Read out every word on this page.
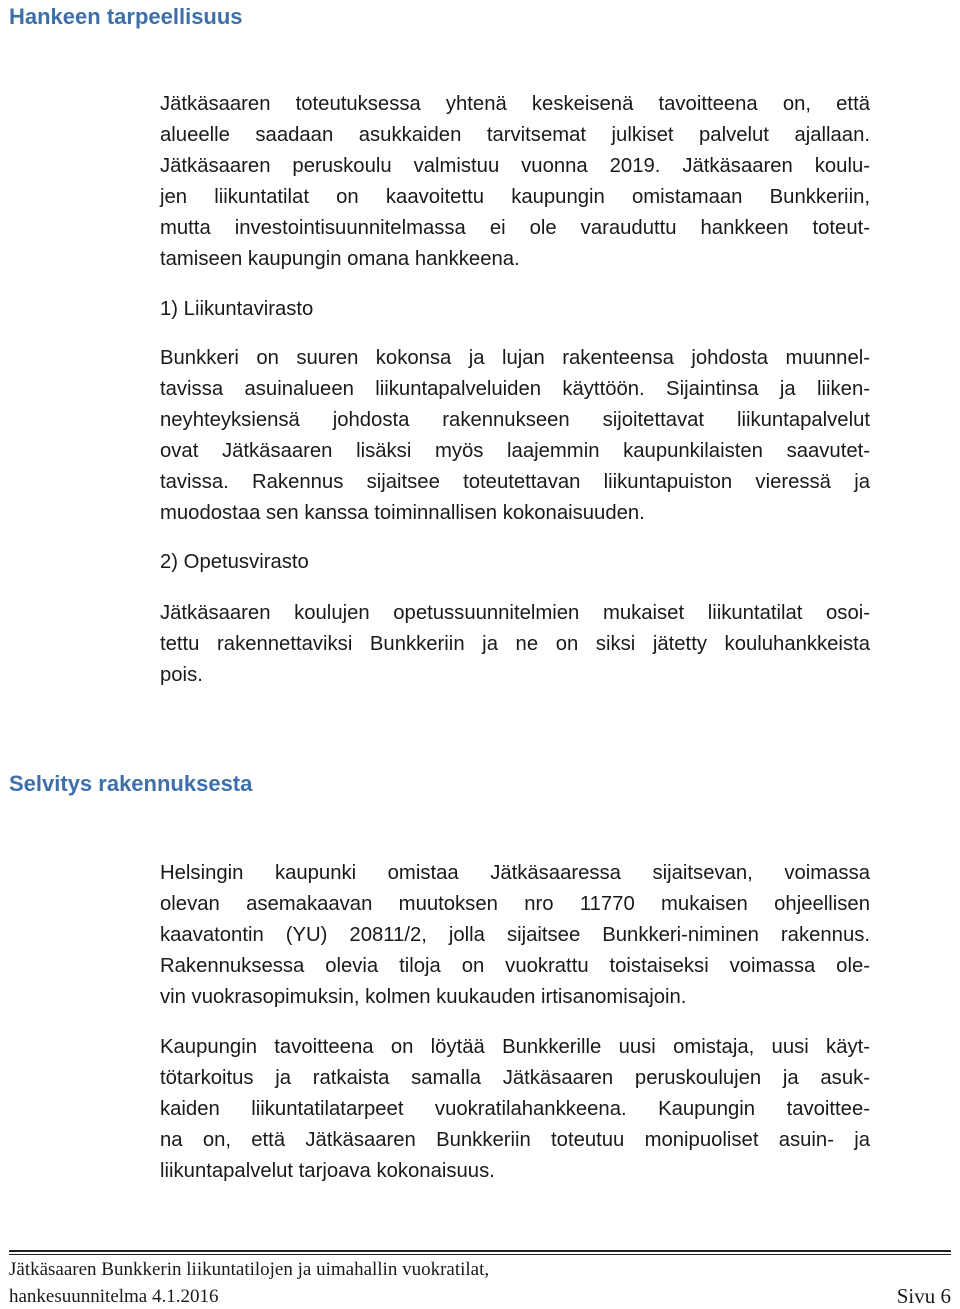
Hankeen tarpeellisuus
Jätkäsaaren toteutuksessa yhtenä keskeisenä tavoitteena on, että
alueelle saadaan asukkaiden tarvitsemat julkiset palvelut ajallaan.
Jätkäsaaren peruskoulu valmistuu vuonna 2019. Jätkäsaaren koulu-
jen liikuntatilat on kaavoitettu kaupungin omistamaan Bunkkeriin,
mutta investointisuunnitelmassa ei ole varauduttu hankkeen toteut-
tamiseen kaupungin omana hankkeena.

1) Liikuntavirasto

Bunkkeri on suuren kokonsa ja lujan rakenteensa johdosta muunnel-
tavissa asuinalueen liikuntapalveluiden käyttöön. Sijaintinsa ja liiken-
neyhteyksiensä johdosta rakennukseen sijoitettavat liikuntapalvelut
ovat Jätkäsaaren lisäksi myös laajemmin kaupunkilaisten saavutet-
tavissa. Rakennus sijaitsee toteutettavan liikuntapuiston vieressä ja
muodostaa sen kanssa toiminnallisen kokonaisuuden.

2) Opetusvirasto

Jätkäsaaren koulujen opetussuunnitelmien mukaiset liikuntatilat osoi-
tettu rakennettaviksi Bunkkeriin ja ne on siksi jätetty kouluhankkeista
pois.
Selvitys rakennuksesta
Helsingin kaupunki omistaa Jätkäsaaressa sijaitsevan, voimassa
olevan asemakaavan muutoksen nro 11770 mukaisen ohjeellisen
kaavatontin (YU) 20811/2, jolla sijaitsee Bunkkeri-niminen rakennus.
Rakennuksessa olevia tiloja on vuokrattu toistaiseksi voimassa ole-
vin vuokrasopimuksin, kolmen kuukauden irtisanomisajoin.
Kaupungin tavoitteena on löytää Bunkkerille uusi omistaja, uusi käyt-
tötarkoitus ja ratkaista samalla Jätkäsaaren peruskoulujen ja asuk-
kaiden liikuntatilatarpeet vuokratilahankkeena. Kaupungin tavoittee-
na on, että Jätkäsaaren Bunkkeriin toteutuu monipuoliset asuin- ja
liikuntapalvelut tarjoava kokonaisuus.

Jätkäsaaren Bunkkerin liikuntatilojen ja uimahallin vuokratilat,

hankesuunnitelma 4.1.2016	Sivu 6
